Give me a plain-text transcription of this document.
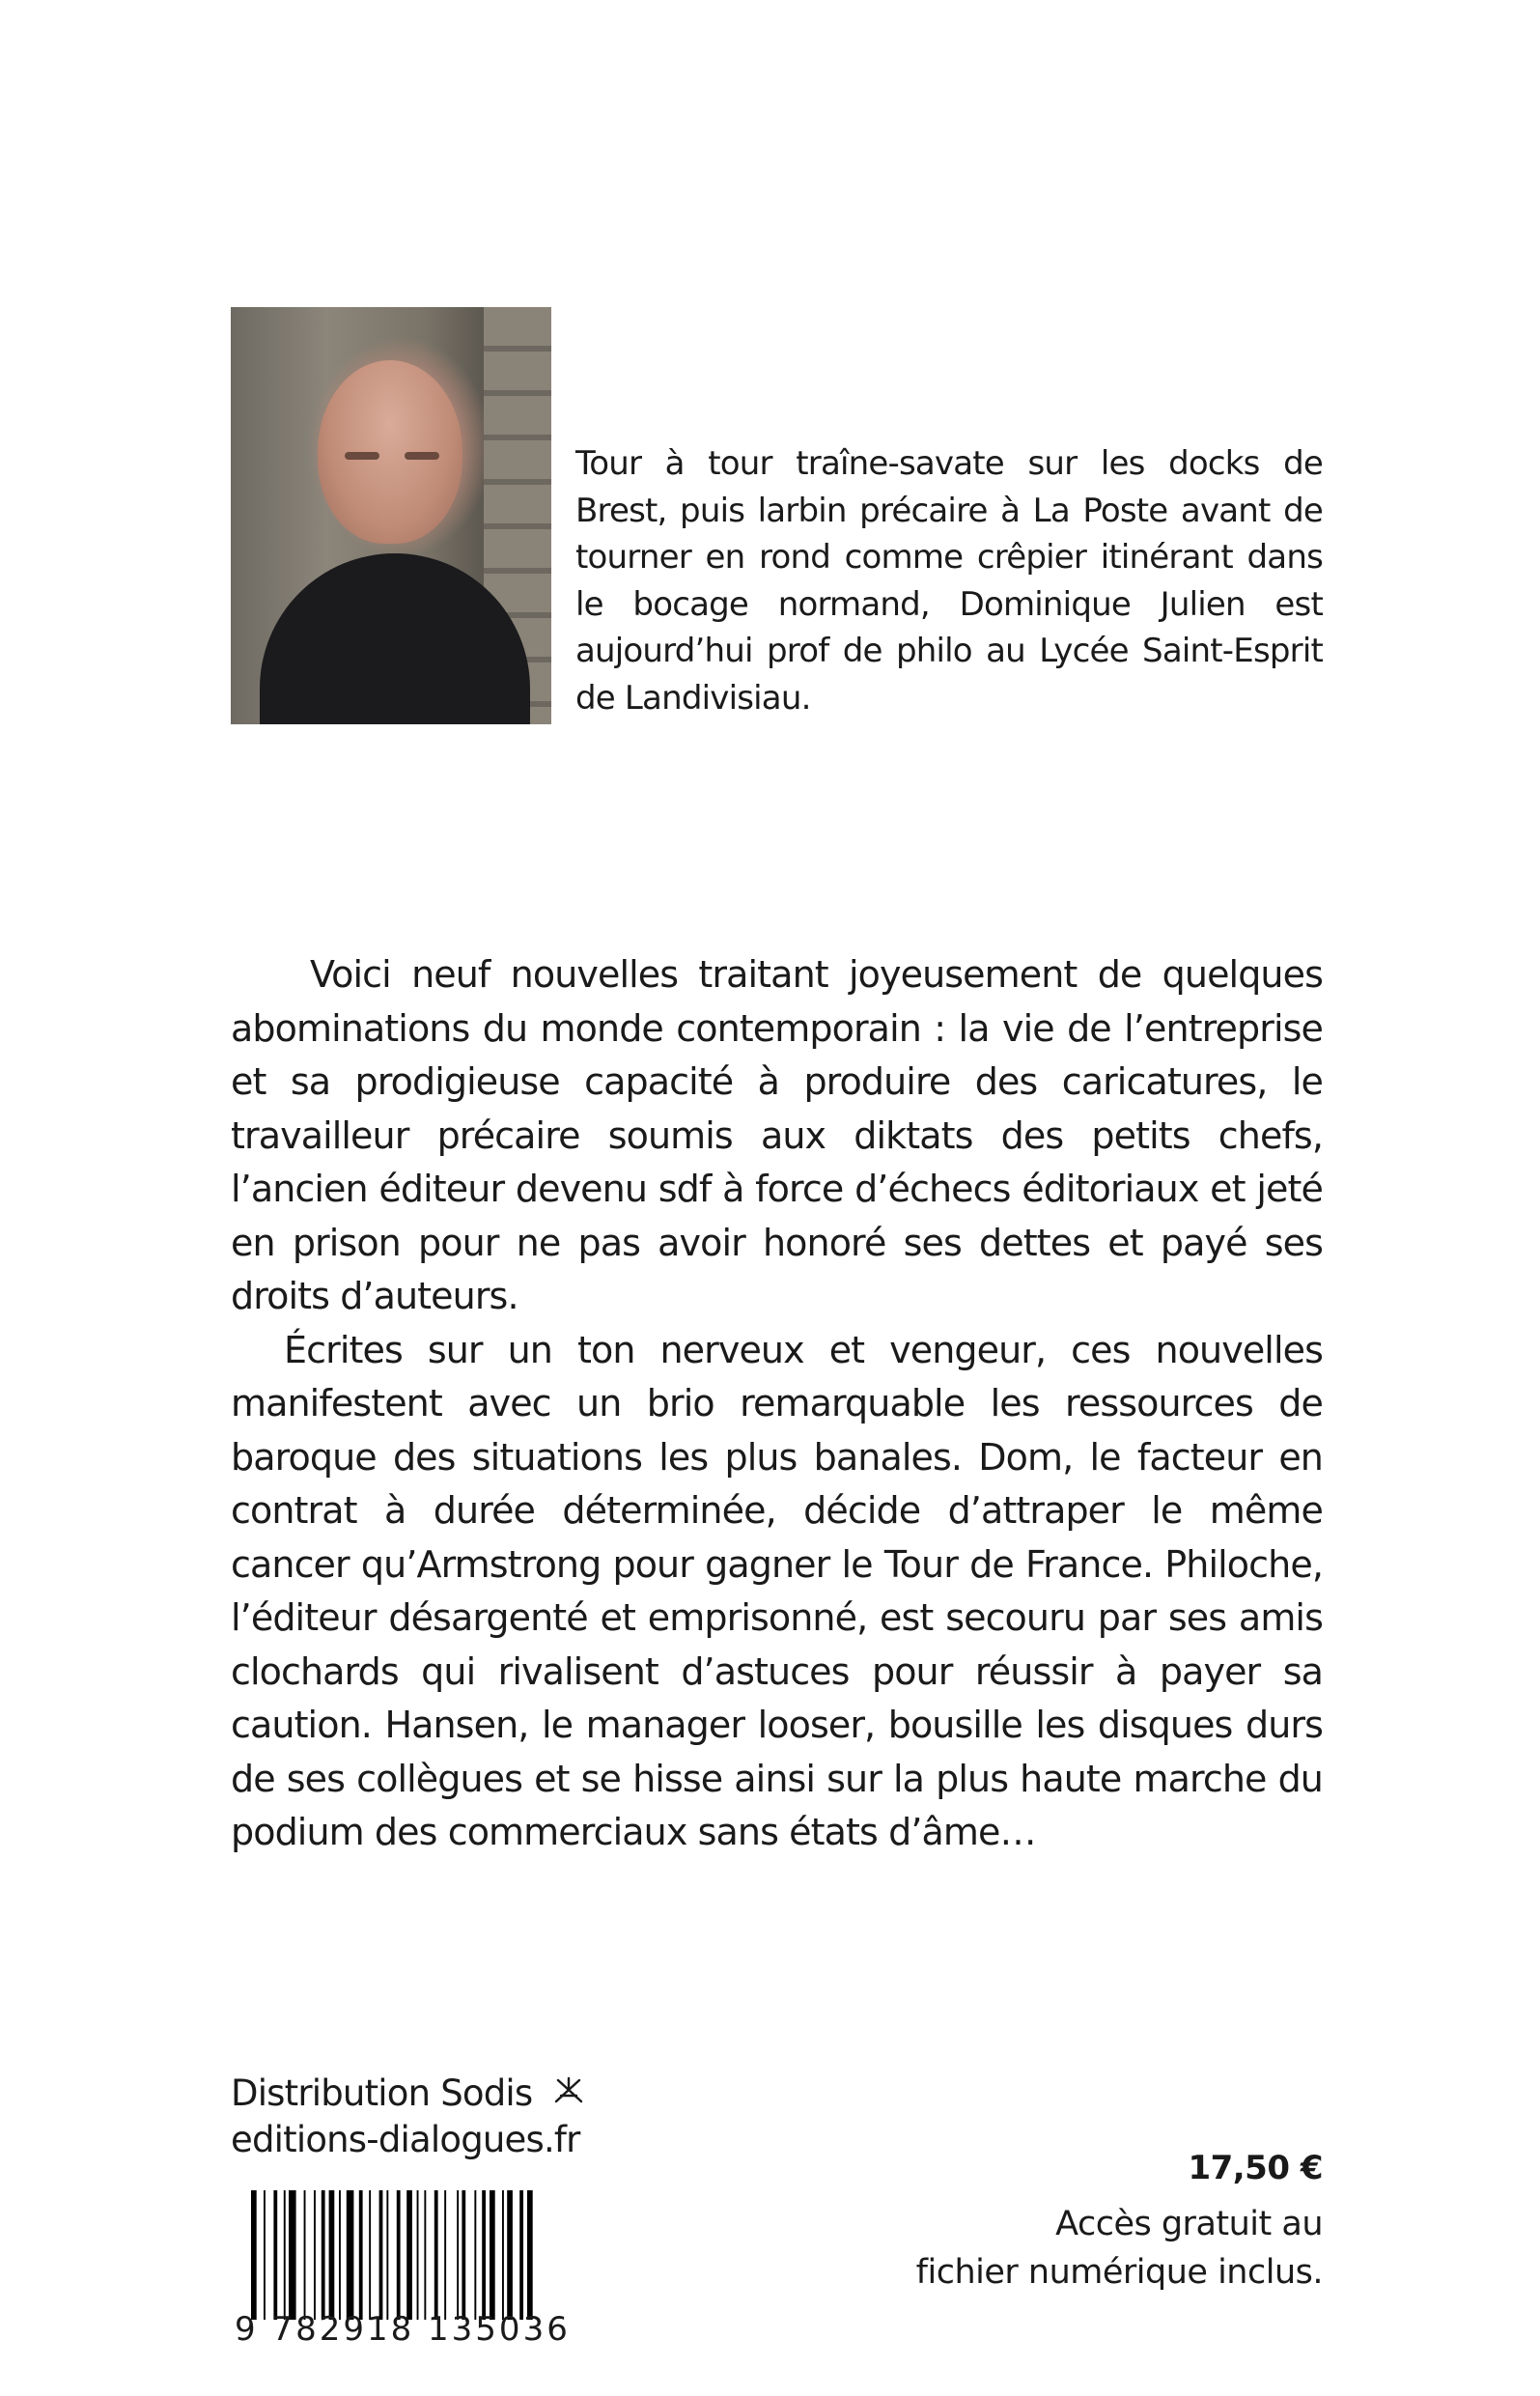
Tour à tour traîne-savate sur les docks de Brest, puis larbin précaire à La Poste avant de tourner en rond comme crêpier itinérant dans le bocage normand, Dominique Julien est aujourd’hui prof de philo au Lycée Saint-Esprit de Landivisiau.

Voici neuf nouvelles traitant joyeusement de quelques abominations du monde contemporain : la vie de l’entreprise et sa prodigieuse capacité à produire des caricatures, le travailleur précaire soumis aux diktats des petits chefs, l’ancien éditeur devenu sdf à force d’échecs éditoriaux et jeté en prison pour ne pas avoir honoré ses dettes et payé ses droits d’auteurs.

Écrites sur un ton nerveux et vengeur, ces nouvelles manifestent avec un brio remarquable les ressources de baroque des situations les plus banales. Dom, le facteur en contrat à durée déterminée, décide d’attraper le même cancer qu’Armstrong pour gagner le Tour de France. Philoche, l’éditeur désargenté et emprisonné, est secouru par ses amis clochards qui rivalisent d’astuces pour réussir à payer sa caution. Hansen, le manager looser, bousille les disques durs de ses collègues et se hisse ainsi sur la plus haute marche du podium des commerciaux sans états d’âme…

Distribution Sodis
editions-dialogues.fr
9 782918 135036
17,50 €
Accès gratuit au
fichier numérique inclus.
